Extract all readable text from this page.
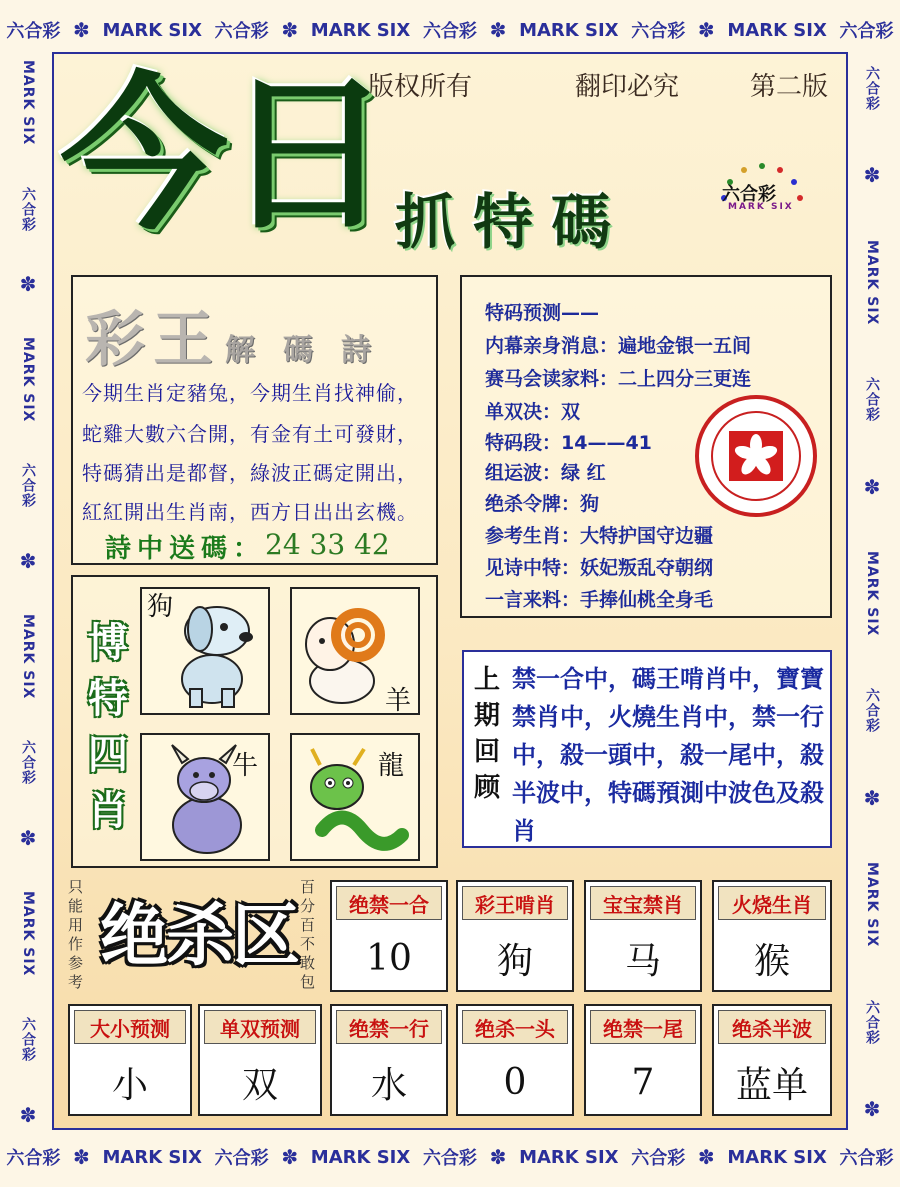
六合彩 ✽ MARK SIX 六合彩 ✽ MARK SIX 六合彩 ✽ MARK SIX 六合彩 ✽ MARK SIX 六合彩
六合彩 ✽ MARK SIX 六合彩 ✽ MARK SIX 六合彩 ✽ MARK SIX 六合彩 ✽ MARK SIX 六合彩
MARK SIX
六合彩
✽
MARK SIX
六合彩
✽
MARK SIX
六合彩
✽
MARK SIX
六合彩
✽
六合彩
✽
MARK SIX
六合彩
✽
MARK SIX
六合彩
✽
MARK SIX
六合彩
✽
版权所有	翻印必究	第二版
今日 抓特碼	六合彩
MARK SIX
彩王 解碼詩
今期生肖定豬兔，今期生肖找神偷，
蛇雞大數六合開，有金有土可發財，
特碼猜出是都督，綠波正碼定開出，
紅紅開出生肖南，西方日出出玄機。
詩中送碼： 24 33 42
特码预测——
内幕亲身消息：遍地金银一五间
赛马会读家料：二上四分三更连
单双决：双
特码段：14——41
组运波：绿 红
绝杀令牌：狗
参考生肖：大特护国守边疆
见诗中特：妖妃叛乱夺朝纲
一言来料：手捧仙桃全身毛
博特四肖
狗
羊
牛	龍
上期回顾
禁一合中，碼王啃肖中，寶寶禁肖中，火燒生肖中，禁一行中，殺一頭中，殺一尾中，殺半波中，特碼預測中波色及殺肖
只能用作参考
绝杀区
百分百不敢包
绝禁一合
10
彩王啃肖
狗
宝宝禁肖
马
火烧生肖
猴
大小预测
小
单双预测
双
绝禁一行
水
绝杀一头
0
绝禁一尾
7
绝杀半波
蓝单
